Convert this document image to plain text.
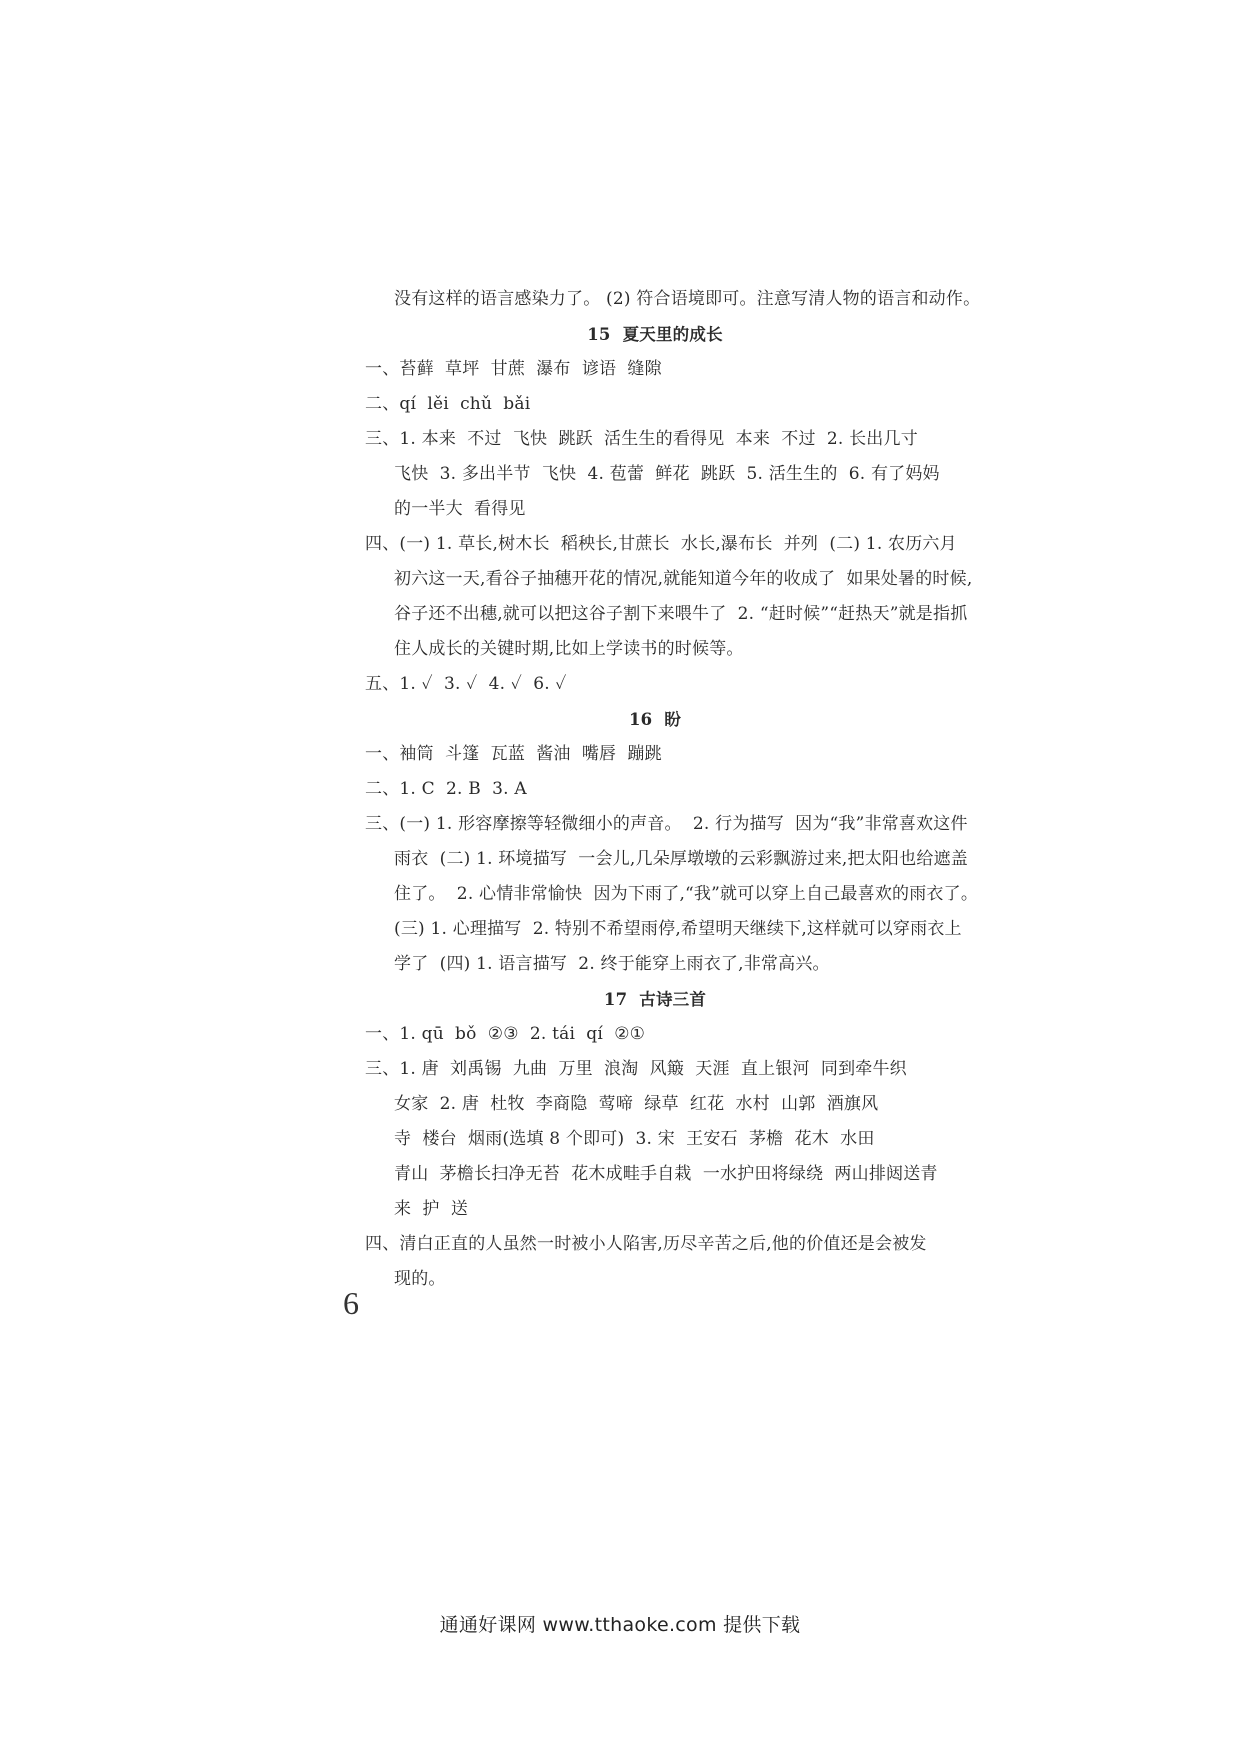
没有这样的语言感染力了。 (2) 符合语境即可。注意写清人物的语言和动作。
15 夏天里的成长
一、苔藓  草坪  甘蔗  瀑布  谚语  缝隙
二、qí  lěi  chǔ  bǎi
三、1. 本来  不过  飞快  跳跃  活生生的看得见  本来  不过  2. 长出几寸
飞快  3. 多出半节  飞快  4. 苞蕾  鲜花  跳跃  5. 活生生的  6. 有了妈妈
的一半大  看得见
四、(一) 1. 草长,树木长  稻秧长,甘蔗长  水长,瀑布长  并列  (二) 1. 农历六月
初六这一天,看谷子抽穗开花的情况,就能知道今年的收成了  如果处暑的时候,
谷子还不出穗,就可以把这谷子割下来喂牛了  2. “赶时候”“赶热天”就是指抓
住人成长的关键时期,比如上学读书的时候等。
五、1. ✓  3. ✓  4. ✓  6. ✓
16 盼
一、袖筒  斗篷  瓦蓝  酱油  嘴唇  蹦跳
二、1. C  2. B  3. A
三、(一) 1. 形容摩擦等轻微细小的声音。  2. 行为描写  因为“我”非常喜欢这件
雨衣  (二) 1. 环境描写  一会儿,几朵厚墩墩的云彩飘游过来,把太阳也给遮盖
住了。  2. 心情非常愉快  因为下雨了,“我”就可以穿上自己最喜欢的雨衣了。
(三) 1. 心理描写  2. 特别不希望雨停,希望明天继续下,这样就可以穿雨衣上
学了  (四) 1. 语言描写  2. 终于能穿上雨衣了,非常高兴。
17 古诗三首
一、1. qū  bǒ  ②③  2. tái  qí  ②①
三、1. 唐  刘禹锡  九曲  万里  浪淘  风簸  天涯  直上银河  同到牵牛织
女家  2. 唐  杜牧  李商隐  莺啼  绿草  红花  水村  山郭  酒旗风
寺  楼台  烟雨(选填 8 个即可)  3. 宋  王安石  茅檐  花木  水田
青山  茅檐长扫净无苔  花木成畦手自栽  一水护田将绿绕  两山排闼送青
来  护  送
四、清白正直的人虽然一时被小人陷害,历尽辛苦之后,他的价值还是会被发
现的。
6
通通好课网 www.tthaoke.com 提供下载
